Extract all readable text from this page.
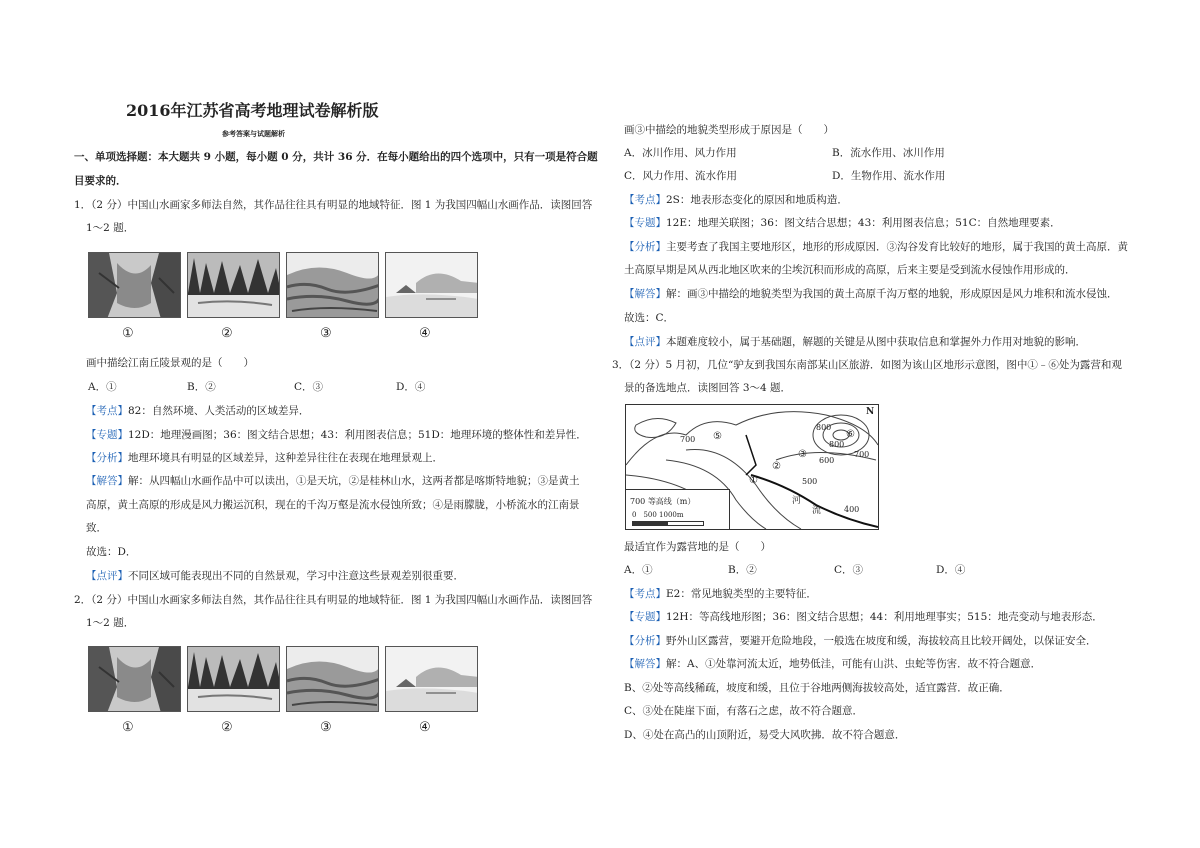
2016年江苏省高考地理试卷解析版
参考答案与试题解析
一、单项选择题：本大题共 9 小题，每小题 0 分，共计 36 分．在每小题给出的四个选项中，只有一项是符合题
目要求的．
1．（2 分）中国山水画家多师法自然，其作品往往具有明显的地域特征．图 1 为我国四幅山水画作品．读图回答
1～2 题．
①	②	③	④
画中描绘江南丘陵景观的是（　　）
A．①	B．②	C．③	D．④
【考点】82：自然环境、人类活动的区域差异．
【专题】12D：地理漫画图；36：图文结合思想；43：利用图表信息；51D：地理环境的整体性和差异性．
【分析】地理环境具有明显的区域差异，这种差异往往在表现在地理景观上．
【解答】解：从四幅山水画作品中可以读出，①是天坑，②是桂林山水，这两者都是喀斯特地貌；③是黄土
高原，黄土高原的形成是风力搬运沉积，现在的千沟万壑是流水侵蚀所致；④是雨朦胧，小桥流水的江南景
致．
故选：D．
【点评】不同区域可能表现出不同的自然景观，学习中注意这些景观差别很重要．
2．（2 分）中国山水画家多师法自然，其作品往往具有明显的地域特征．图 1 为我国四幅山水画作品．读图回答
1～2 题．
①	②	③	④
画③中描绘的地貌类型形成于原因是（　　）
A．冰川作用、风力作用	B．流水作用、冰川作用
C．风力作用、流水作用	D．生物作用、流水作用
【考点】2S：地表形态变化的原因和地质构造．
【专题】12E：地理关联图；36：图文结合思想；43：利用图表信息；51C：自然地理要素．
【分析】主要考查了我国主要地形区，地形的形成原因．③沟谷发育比较好的地形，属于我国的黄土高原．黄
土高原早期是风从西北地区吹来的尘埃沉积而形成的高原，后来主要是受到流水侵蚀作用形成的．
【解答】解：画③中描绘的地貌类型为我国的黄土高原千沟万壑的地貌，形成原因是风力堆积和流水侵蚀．
故选：C．
【点评】本题难度较小，属于基础题，解题的关键是从图中获取信息和掌握外力作用对地貌的影响．
3．（2 分）5 月初，几位“驴友到我国东南部某山区旅游．如图为该山区地形示意图，图中①﹣⑥处为露营和观
景的备选地点．读图回答 3～4 题．
N
700
800
800
600
700
500
400
①
②
③
⑤	⑥
河
流
700 等高线（m）
0　500 1000m
最适宜作为露营地的是（　　）
A．①	B．②	C．③	D．④
【考点】E2：常见地貌类型的主要特征．
【专题】12H：等高线地形图；36：图文结合思想；44：利用地理事实；515：地壳变动与地表形态．
【分析】野外山区露营，要避开危险地段，一般选在坡度和缓，海拔较高且比较开阔处，以保证安全．
【解答】解：A、①处靠河流太近，地势低洼，可能有山洪、虫蛇等伤害．故不符合题意．
B、②处等高线稀疏，坡度和缓，且位于谷地两侧海拔较高处，适宜露营．故正确．
C、③处在陡崖下面，有落石之虑，故不符合题意．
D、④处在高凸的山顶附近，易受大风吹拂．故不符合题意．
